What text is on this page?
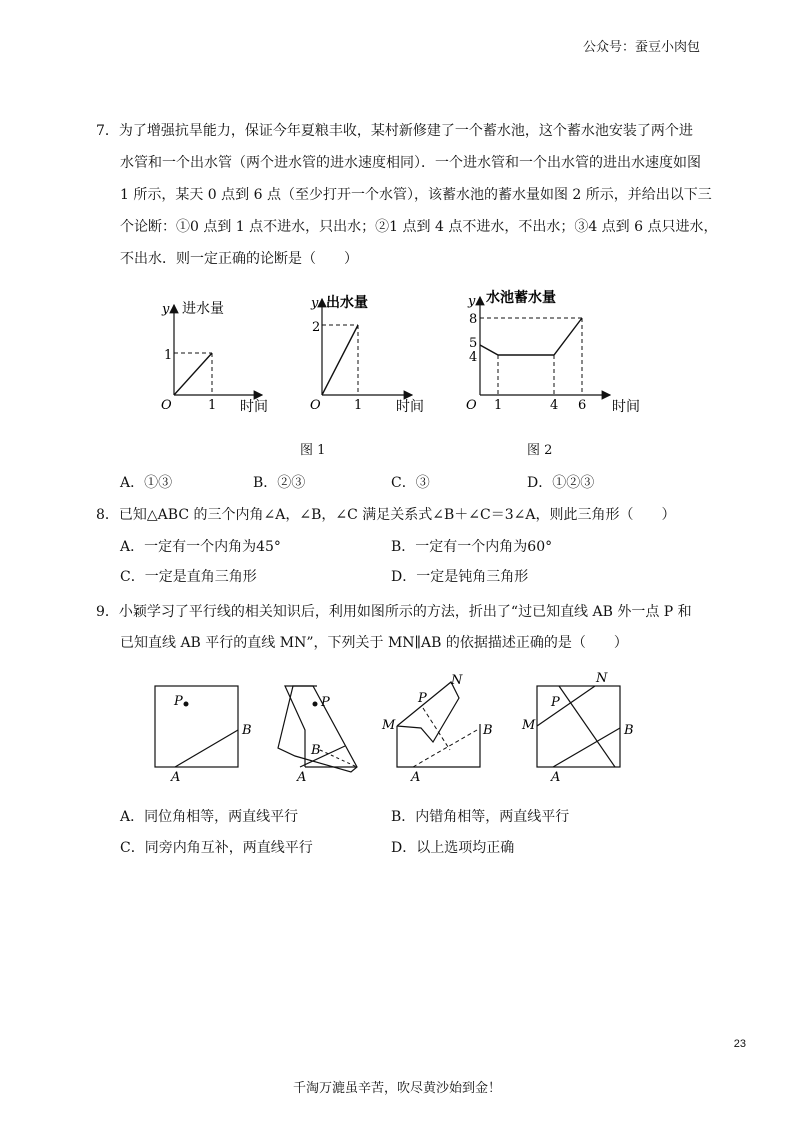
公众号：蚕豆小肉包
7．为了增强抗旱能力，保证今年夏粮丰收，某村新修建了一个蓄水池，这个蓄水池安装了两个进
水管和一个出水管（两个进水管的进水速度相同）．一个进水管和一个出水管的进出水速度如图
1 所示，某天 0 点到 6 点（至少打开一个水管），该蓄水池的蓄水量如图 2 所示，并给出以下三
个论断：①0 点到 1 点不进水，只出水；②1 点到 4 点不进水，不出水；③4 点到 6 点只进水，
不出水．则一定正确的论断是（　　）
y 进水量
1
O	1 时间
y 出水量
2
O	1 时间
y 水池蓄水量
8
5
4
O 1	4 6 时间
图 1	图 2
A．①③	B．②③	C．③	D．①②③
8．已知△ABC 的三个内角∠A，∠B，∠C 满足关系式∠B＋∠C＝3∠A，则此三角形（　　）
A．一定有一个内角为45°	B．一定有一个内角为60°
C．一定是直角三角形	D．一定是钝角三角形
9．小颖学习了平行线的相关知识后，利用如图所示的方法，折出了“过已知直线 AB 外一点 P 和
已知直线 AB 平行的直线 MN”，下列关于 MN∥AB 的依据描述正确的是（　　）
P
B
A
P
B
A
M
N
P
B
A
M
N
P
B
A
A．同位角相等，两直线平行	B．内错角相等，两直线平行
C．同旁内角互补，两直线平行	D．以上选项均正确
23
千淘万漉虽辛苦，吹尽黄沙始到金！
